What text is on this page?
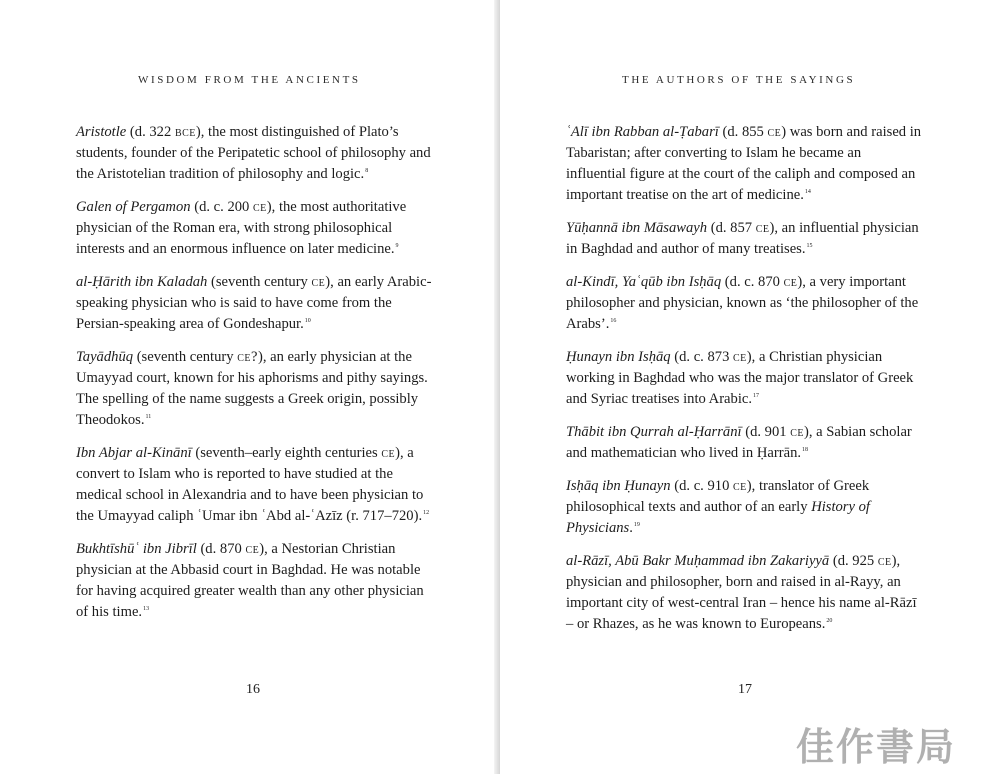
WISDOM FROM THE ANCIENTS

Aristotle (d. 322 bce), the most distinguished of Plato’s students, founder of the Peripatetic school of philosophy and the Aristotelian tradition of philosophy and logic.$^8$

Galen of Pergamon (d. c. 200 ce), the most authoritative physician of the Roman era, with strong philosophical interests and an enormous influence on later medicine.$^9$

al-Ḥārith ibn Kaladah (seventh century ce), an early Arabic-speaking physician who is said to have come from the Persian-speaking area of Gondeshapur.$^{10}$

Tayādhūq (seventh century ce?), an early physician at the Umayyad court, known for his aphorisms and pithy sayings. The spelling of the name suggests a Greek origin, possibly Theodokos.$^{11}$

Ibn Abjar al-Kinānī (seventh–early eighth centuries ce), a convert to Islam who is reported to have studied at the medical school in Alexandria and to have been physician to the Umayyad caliph ʿUmar ibn ʿAbd al-ʿAzīz (r. 717–720).$^{12}$

Bukhtīshūʿ ibn Jibrīl (d. 870 ce), a Nestorian Christian physician at the Abbasid court in Baghdad. He was notable for having acquired greater wealth than any other physician of his time.$^{13}$

16
THE AUTHORS OF THE SAYINGS

ʿAlī ibn Rabban al-Ṭabarī (d. 855 ce) was born and raised in Tabaristan; after converting to Islam he became an influential figure at the court of the caliph and composed an important treatise on the art of medicine.$^{14}$

Yūḥannā ibn Māsawayh (d. 857 ce), an influential physician in Baghdad and author of many treatises.$^{15}$

al-Kindī, Yaʿqūb ibn Isḥāq (d. c. 870 ce), a very important philosopher and physician, known as ‘the philosopher of the Arabs’.$^{16}$

Ḥunayn ibn Isḥāq (d. c. 873 ce), a Christian physician working in Baghdad who was the major translator of Greek and Syriac treatises into Arabic.$^{17}$

Thābit ibn Qurrah al-Ḥarrānī (d. 901 ce), a Sabian scholar and mathematician who lived in Ḥarrān.$^{18}$

Isḥāq ibn Ḥunayn (d. c. 910 ce), translator of Greek philosophical texts and author of an early History of Physicians.$^{19}$

al-Rāzī, Abū Bakr Muḥammad ibn Zakariyyā (d. 925 ce), physician and philosopher, born and raised in al-Rayy, an important city of west-central Iran – hence his name al-Rāzī – or Rhazes, as he was known to Europeans.$^{20}$

17
佳作書局
